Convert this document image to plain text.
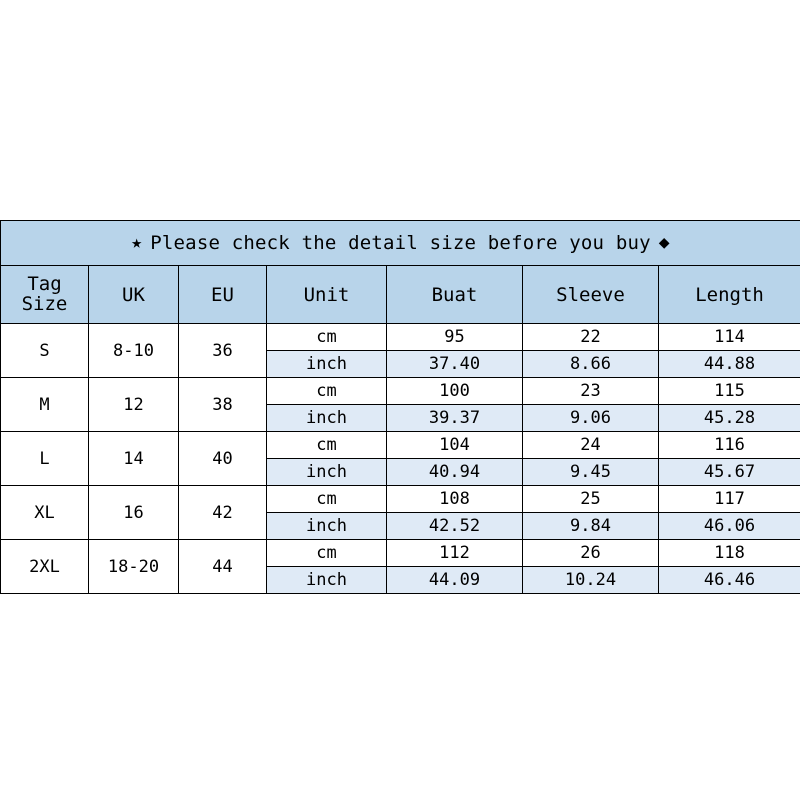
★ Please check the detail size before you buy ◆						

Tag
Size	UK	EU	Unit	Buat	Sleeve	Length
S	8-10	36	cm	95	22	114
			inch	37.40	8.66	44.88
M	12	38	cm	100	23	115
			inch	39.37	9.06	45.28
L	14	40	cm	104	24	116
			inch	40.94	9.45	45.67
XL	16	42	cm	108	25	117
			inch	42.52	9.84	46.06
2XL	18-20	44	cm	112	26	118
			inch	44.09	10.24	46.46
